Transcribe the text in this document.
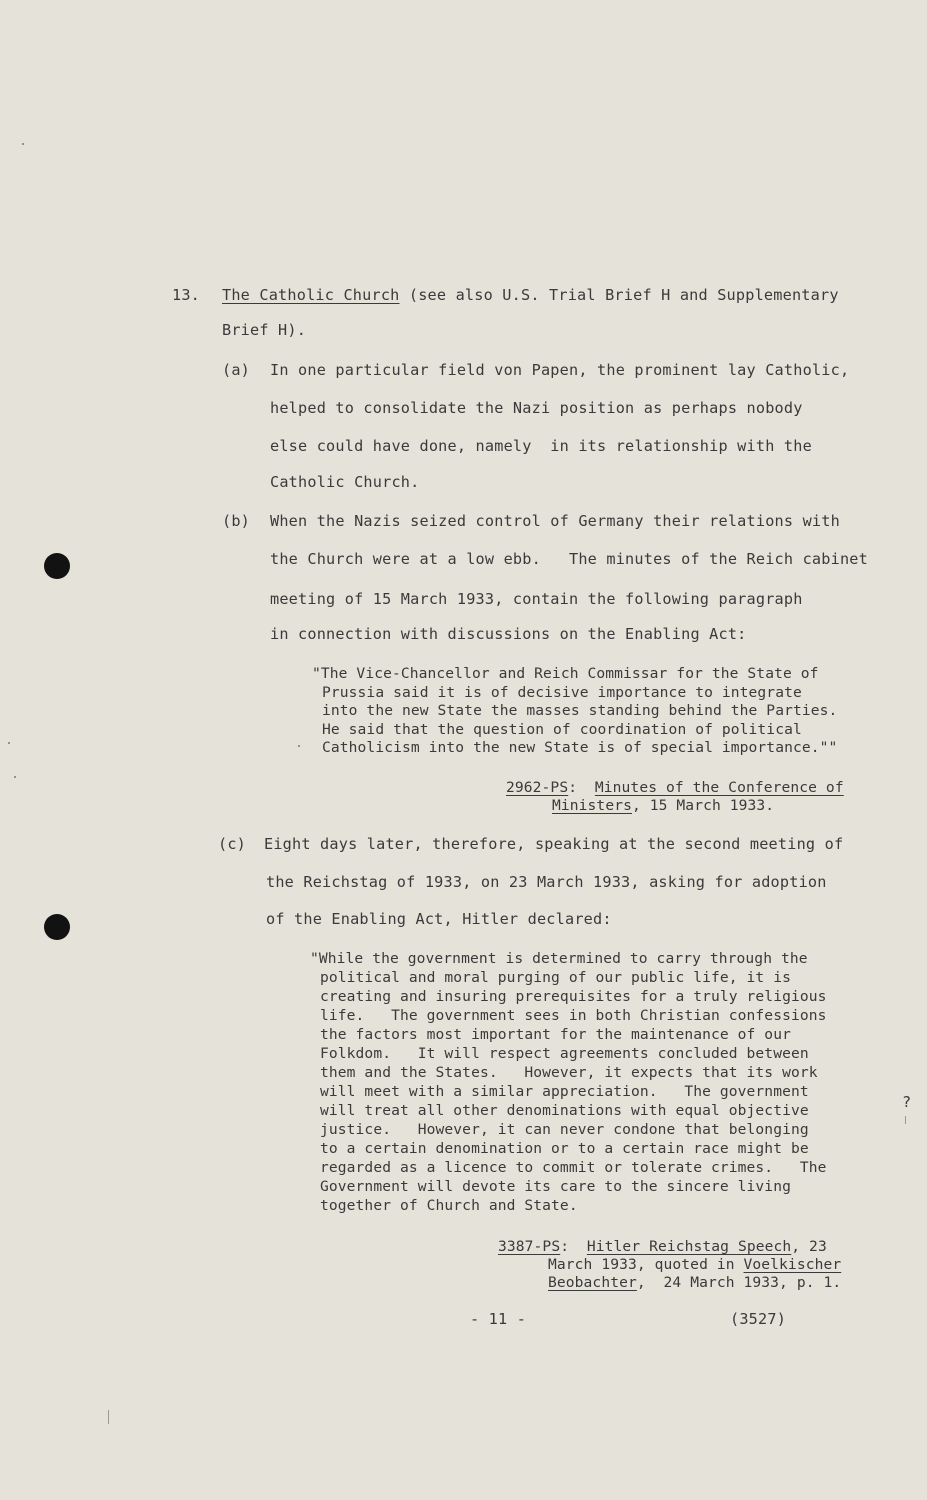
13. The Catholic Church (see also U.S. Trial Brief H and Supplementary
Brief H).
(a) In one particular field von Papen, the prominent lay Catholic,
helped to consolidate the Nazi position as perhaps nobody
else could have done, namely  in its relationship with the
Catholic Church.
(b) When the Nazis seized control of Germany their relations with
the Church were at a low ebb.   The minutes of the Reich cabinet
meeting of 15 March 1933, contain the following paragraph
in connection with discussions on the Enabling Act:
"The Vice-Chancellor and Reich Commissar for the State of
Prussia said it is of decisive importance to integrate
into the new State the masses standing behind the Parties.
He said that the question of coordination of political
Catholicism into the new State is of special importance.""
2962-PS:  Minutes of the Conference of
Ministers, 15 March 1933.
(c) Eight days later, therefore, speaking at the second meeting of
the Reichstag of 1933, on 23 March 1933, asking for adoption
of the Enabling Act, Hitler declared:
"While the government is determined to carry through the
political and moral purging of our public life, it is
creating and insuring prerequisites for a truly religious
life.   The government sees in both Christian confessions
the factors most important for the maintenance of our
Folkdom.   It will respect agreements concluded between
them and the States.   However, it expects that its work
will meet with a similar appreciation.   The government
will treat all other denominations with equal objective
justice.   However, it can never condone that belonging
to a certain denomination or to a certain race might be
regarded as a licence to commit or tolerate crimes.   The
Government will devote its care to the sincere living
together of Church and State.
?
3387-PS:  Hitler Reichstag Speech, 23
March 1933, quoted in Voelkischer
Beobachter,  24 March 1933, p. 1.
- 11 -	(3527)
